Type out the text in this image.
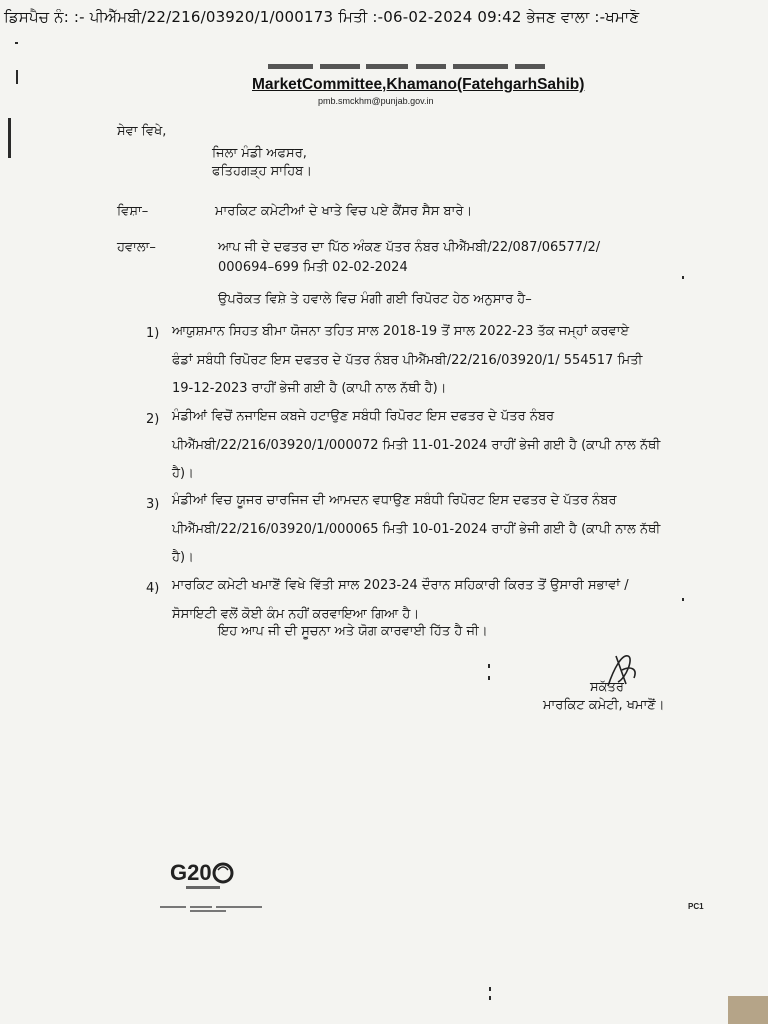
ਡਿਸਪੈਚ ਨੰ: :- ਪੀਐੱਮਬੀ/22/216/03920/1/000173 ਮਿਤੀ :-06-02-2024 09:42 ਭੇਜਣ ਵਾਲਾ :-ਖਮਾਣੋ
MarketCommittee,Khamano(FatehgarhSahib)
pmb.smckhm@punjab.gov.in
ਸੇਵਾ ਵਿਖੇ,
ਜਿਲਾ ਮੰਡੀ ਅਫਸਰ,
ਫਤਿਹਗੜ੍ਹ ਸਾਹਿਬ।
ਵਿਸ਼ਾ–	ਮਾਰਕਿਟ ਕਮੇਟੀਆਂ ਦੇ ਖਾਤੇ ਵਿਚ ਪਏ ਕੈਂਸਰ ਸੈਸ ਬਾਰੇ।
ਹਵਾਲਾ–	ਆਪ ਜੀ ਦੇ ਦਫਤਰ ਦਾ ਪਿੱਠ ਅੰਕਣ ਪੱਤਰ ਨੰਬਰ ਪੀਐੱਮਬੀ/22/087/06577/2/
000694–699 ਮਿਤੀ 02-02-2024
ਉਪਰੋਕਤ ਵਿਸ਼ੇ ਤੇ ਹਵਾਲੇ ਵਿਚ ਮੰਗੀ ਗਈ ਰਿਪੋਰਟ ਹੇਠ ਅਨੁਸਾਰ ਹੈ–
1) ਆਯੁਸ਼ਮਾਨ ਸਿਹਤ ਬੀਮਾ ਯੋਜਨਾ ਤਹਿਤ ਸਾਲ 2018-19 ਤੋਂ ਸਾਲ 2022-23 ਤੱਕ ਜਮ੍ਹਾਂ ਕਰਵਾਏ
ਫੰਡਾਂ ਸਬੰਧੀ ਰਿਪੋਰਟ ਇਸ ਦਫਤਰ ਦੇ ਪੱਤਰ ਨੰਬਰ ਪੀਐੱਮਬੀ/22/216/03920/1/ 554517 ਮਿਤੀ
19-12-2023 ਰਾਹੀਂ ਭੇਜੀ ਗਈ ਹੈ (ਕਾਪੀ ਨਾਲ ਨੱਥੀ ਹੈ)।
2) ਮੰਡੀਆਂ ਵਿਚੋਂ ਨਜਾਇਜ ਕਬਜੇ ਹਟਾਉਣ ਸਬੰਧੀ ਰਿਪੋਰਟ ਇਸ ਦਫਤਰ ਦੇ ਪੱਤਰ ਨੰਬਰ
ਪੀਐੱਮਬੀ/22/216/03920/1/000072 ਮਿਤੀ 11-01-2024 ਰਾਹੀਂ ਭੇਜੀ ਗਈ ਹੈ (ਕਾਪੀ ਨਾਲ ਨੱਥੀ
ਹੈ)।
3) ਮੰਡੀਆਂ ਵਿਚ ਯੂਜਰ ਚਾਰਜਿਜ ਦੀ ਆਮਦਨ ਵਧਾਉਣ ਸਬੰਧੀ ਰਿਪੋਰਟ ਇਸ ਦਫਤਰ ਦੇ ਪੱਤਰ ਨੰਬਰ
ਪੀਐੱਮਬੀ/22/216/03920/1/000065 ਮਿਤੀ 10-01-2024 ਰਾਹੀਂ ਭੇਜੀ ਗਈ ਹੈ (ਕਾਪੀ ਨਾਲ ਨੱਥੀ
ਹੈ)।
4) ਮਾਰਕਿਟ ਕਮੇਟੀ ਖਮਾਣੋਂ ਵਿਖੇ ਵਿੱਤੀ ਸਾਲ 2023-24 ਦੌਰਾਨ ਸਹਿਕਾਰੀ ਕਿਰਤ ਤੋਂ ਉਸਾਰੀ ਸਭਾਵਾਂ /
ਸੋਸਾਇਟੀ ਵਲੋਂ ਕੋਈ ਕੰਮ ਨਹੀਂ ਕਰਵਾਇਆ ਗਿਆ ਹੈ।
ਇਹ ਆਪ ਜੀ ਦੀ ਸੂਚਨਾ ਅਤੇ ਯੋਗ ਕਾਰਵਾਈ ਹਿੱਤ ਹੈ ਜੀ।
ਸਕੱਤਰ
ਮਾਰਕਿਟ ਕਮੇਟੀ, ਖਮਾਣੋਂ।
G20
PC1
